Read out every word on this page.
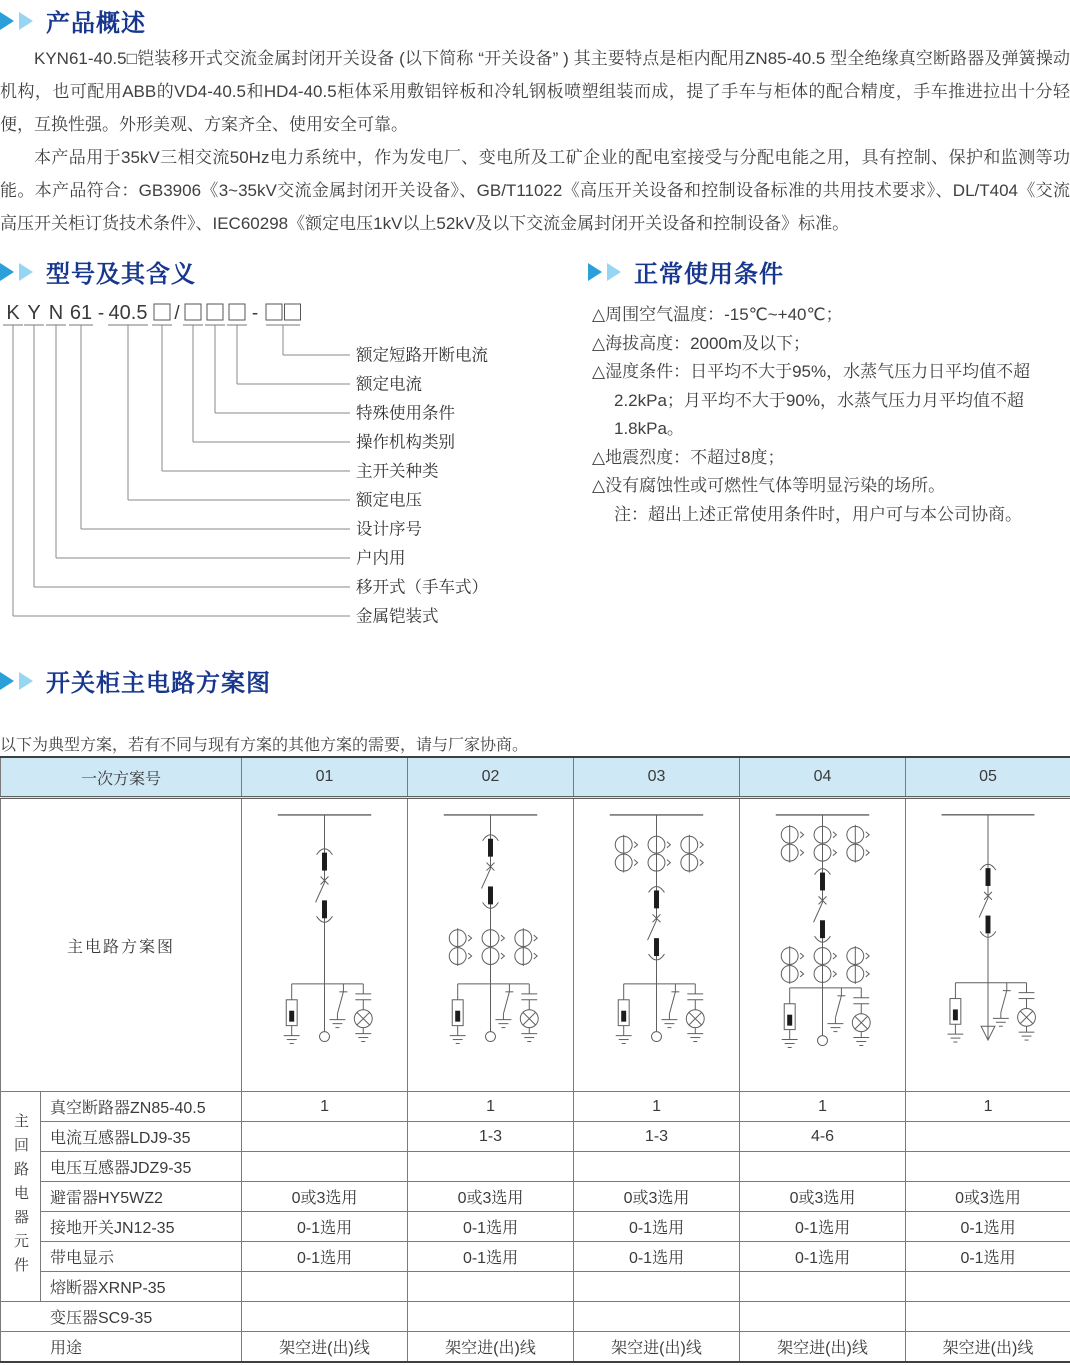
产品概述

KYN61-40.5□铠装移开式交流金属封闭开关设备 (以下简称 “开关设备” ) 其主要特点是柜内配用ZN85-40.5 型全绝缘真空断路器及弹簧操动机构，也可配用ABB的VD4-40.5和HD4-40.5柜体采用敷铝锌板和冷轧钢板喷塑组装而成，提了手车与柜体的配合精度，手车推进拉出十分轻便，互换性强。外形美观、方案齐全、使用安全可靠。

本产品用于35kV三相交流50Hz电力系统中，作为发电厂、变电所及工矿企业的配电室接受与分配电能之用，具有控制、保护和监测等功能。本产品符合：GB3906《3~35kV交流金属封闭开关设备》、GB/T11022《高压开关设备和控制设备标准的共用技术要求》、DL/T404《交流高压开关柜订货技术条件》、IEC60298《额定电压1kV以上52kV及以下交流金属封闭开关设备和控制设备》标准。

型号及其含义	正常使用条件
K Y N 61 - 40.5 /	-
金属铠装式
移开式（手车式）
户内用
设计序号
额定电压
主开关种类
操作机构类别
特殊使用条件
额定电流
额定短路开断电流
△周围空气温度：-15℃~+40℃；
△海拔高度：2000m及以下；
△湿度条件：日平均不大于95%，水蒸气压力日平均值不超2.2kPa；月平均不大于90%，水蒸气压力月平均值不超1.8kPa。
△地震烈度：不超过8度；
△没有腐蚀性或可燃性气体等明显污染的场所。
注：超出上述正常使用条件时，用户可与本公司协商。
开关柜主电路方案图

以下为典型方案，若有不同与现有方案的其他方案的需要，请与厂家协商。

一次方案号		01	02	03	04	05
主电路方案图					
主回路电器元件	真空断路器ZN85-40.5	1	1	1	1	1
	电流互感器LDJ9-35		1-3	1-3	4-6	
	电压互感器JDZ9-35					
	避雷器HY5WZ2	0或3选用	0或3选用	0或3选用	0或3选用	0或3选用
	接地开关JN12-35	0-1选用	0-1选用	0-1选用	0-1选用	0-1选用
	带电显示	0-1选用	0-1选用	0-1选用	0-1选用	0-1选用
	熔断器XRNP-35					
变压器SC9-35						
用途		架空进(出)线	架空进(出)线	架空进(出)线	架空进(出)线	架空进(出)线
